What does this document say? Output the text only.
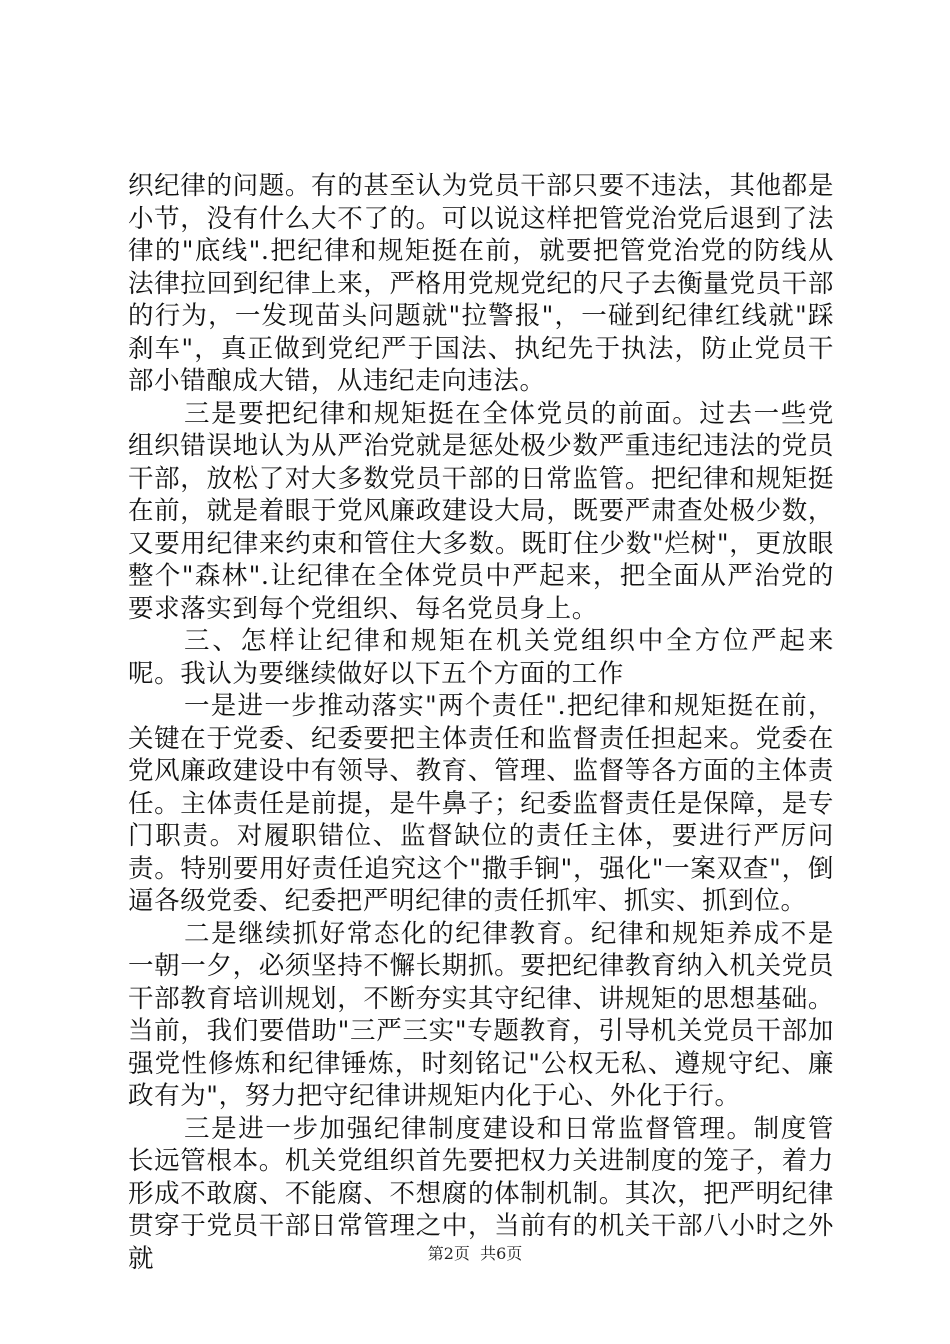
织纪律的问题。有的甚至认为党员干部只要不违法，其他都是小节，没有什么大不了的。可以说这样把管党治党后退到了法律的"底线".把纪律和规矩挺在前，就要把管党治党的防线从法律拉回到纪律上来，严格用党规党纪的尺子去衡量党员干部的行为，一发现苗头问题就"拉警报"，一碰到纪律红线就"踩刹车"，真正做到党纪严于国法、执纪先于执法，防止党员干部小错酿成大错，从违纪走向违法。

三是要把纪律和规矩挺在全体党员的前面。过去一些党组织错误地认为从严治党就是惩处极少数严重违纪违法的党员干部，放松了对大多数党员干部的日常监管。把纪律和规矩挺在前，就是着眼于党风廉政建设大局，既要严肃查处极少数，又要用纪律来约束和管住大多数。既盯住少数"烂树"，更放眼整个"森林".让纪律在全体党员中严起来，把全面从严治党的要求落实到每个党组织、每名党员身上。

三、怎样让纪律和规矩在机关党组织中全方位严起来呢。我认为要继续做好以下五个方面的工作

一是进一步推动落实"两个责任".把纪律和规矩挺在前，关键在于党委、纪委要把主体责任和监督责任担起来。党委在党风廉政建设中有领导、教育、管理、监督等各方面的主体责任。主体责任是前提，是牛鼻子；纪委监督责任是保障，是专门职责。对履职错位、监督缺位的责任主体，要进行严厉问责。特别要用好责任追究这个"撒手锏"，强化"一案双查"，倒逼各级党委、纪委把严明纪律的责任抓牢、抓实、抓到位。

二是继续抓好常态化的纪律教育。纪律和规矩养成不是一朝一夕，必须坚持不懈长期抓。要把纪律教育纳入机关党员干部教育培训规划，不断夯实其守纪律、讲规矩的思想基础。当前，我们要借助"三严三实"专题教育，引导机关党员干部加强党性修炼和纪律锤炼，时刻铭记"公权无私、遵规守纪、廉政有为"，努力把守纪律讲规矩内化于心、外化于行。

三是进一步加强纪律制度建设和日常监督管理。制度管长远管根本。机关党组织首先要把权力关进制度的笼子，着力形成不敢腐、不能腐、不想腐的体制机制。其次，把严明纪律贯穿于党员干部日常管理之中，当前有的机关干部八小时之外就	第2页  共6页
